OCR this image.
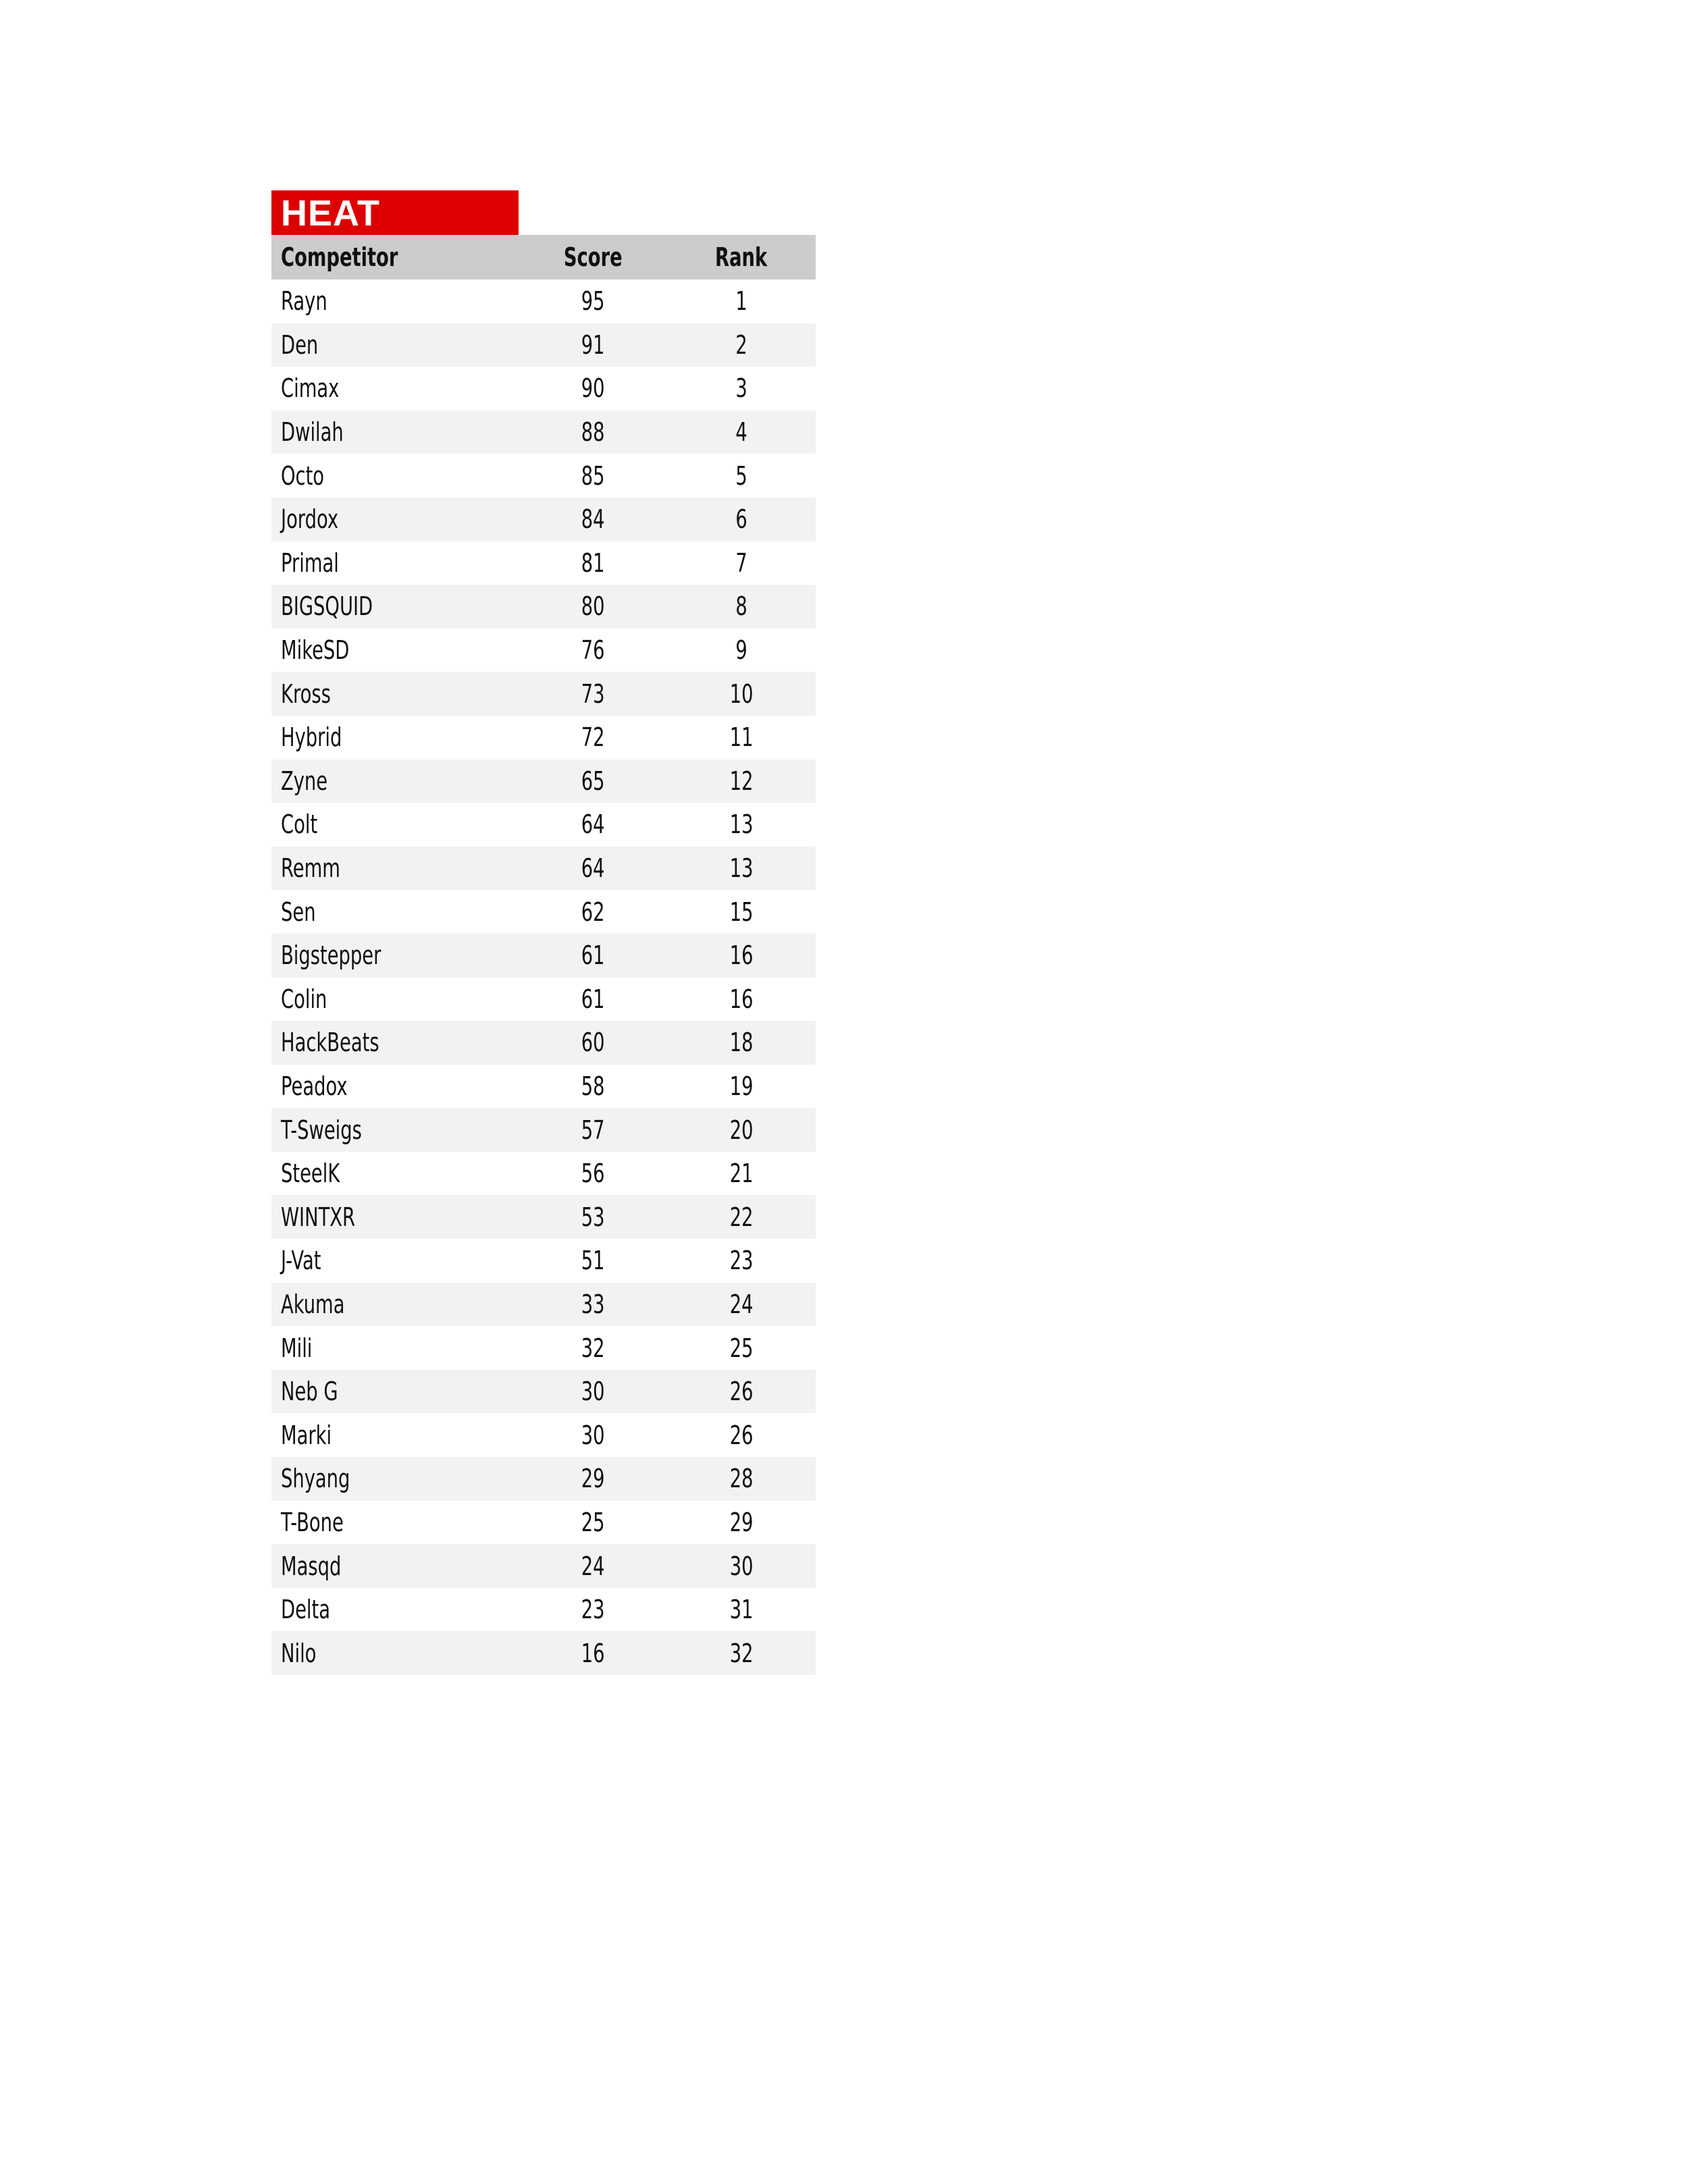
HEAT
Competitor	Score	Rank
Rayn	95	1
Den	91	2
Cimax	90	3
Dwilah	88	4
Octo	85	5
Jordox	84	6
Primal	81	7
BIGSQUID	80	8
MikeSD	76	9
Kross	73	10
Hybrid	72	11
Zyne	65	12
Colt	64	13
Remm	64	13
Sen	62	15
Bigstepper	61	16
Colin	61	16
HackBeats	60	18
Peadox	58	19
T-Sweigs	57	20
SteelK	56	21
WINTXR	53	22
J-Vat	51	23
Akuma	33	24
Mili	32	25
Neb G	30	26
Marki	30	26
Shyang	29	28
T-Bone	25	29
Masqd	24	30
Delta	23	31
Nilo	16	32
